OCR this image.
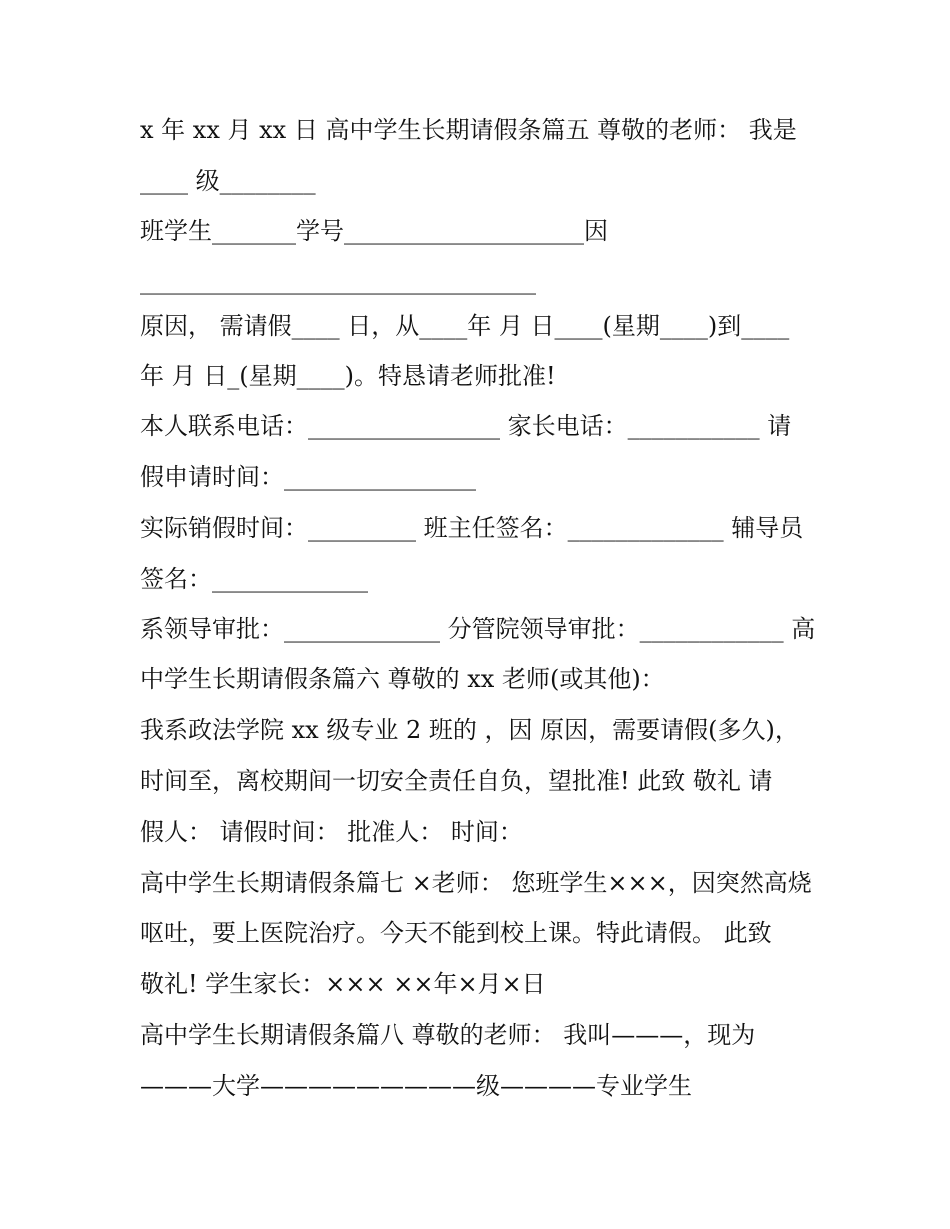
x 年 xx 月 xx 日 高中学生长期请假条篇五 尊敬的老师： 我是
____ 级________
班学生_______学号____________________因
_________________________________
原因， 需请假____ 日，从____年 月 日____(星期____)到____
年 月 日_(星期____)。特恳请老师批准!
本人联系电话：________________ 家长电话：___________ 请
假申请时间：________________
实际销假时间：_________ 班主任签名：_____________ 辅导员
签名：_____________
系领导审批：_____________ 分管院领导审批：____________ 高
中学生长期请假条篇六 尊敬的 xx 老师(或其他)：
我系政法学院 xx 级专业 2 班的 ，因 原因，需要请假(多久)，
时间至，离校期间一切安全责任自负，望批准! 此致 敬礼 请
假人： 请假时间： 批准人： 时间：
高中学生长期请假条篇七 ×老师： 您班学生×××，因突然高烧
呕吐，要上医院治疗。今天不能到校上课。特此请假。 此致
敬礼! 学生家长：××× ××年×月×日
高中学生长期请假条篇八 尊敬的老师： 我叫———，现为
———大学—————————级————专业学生
